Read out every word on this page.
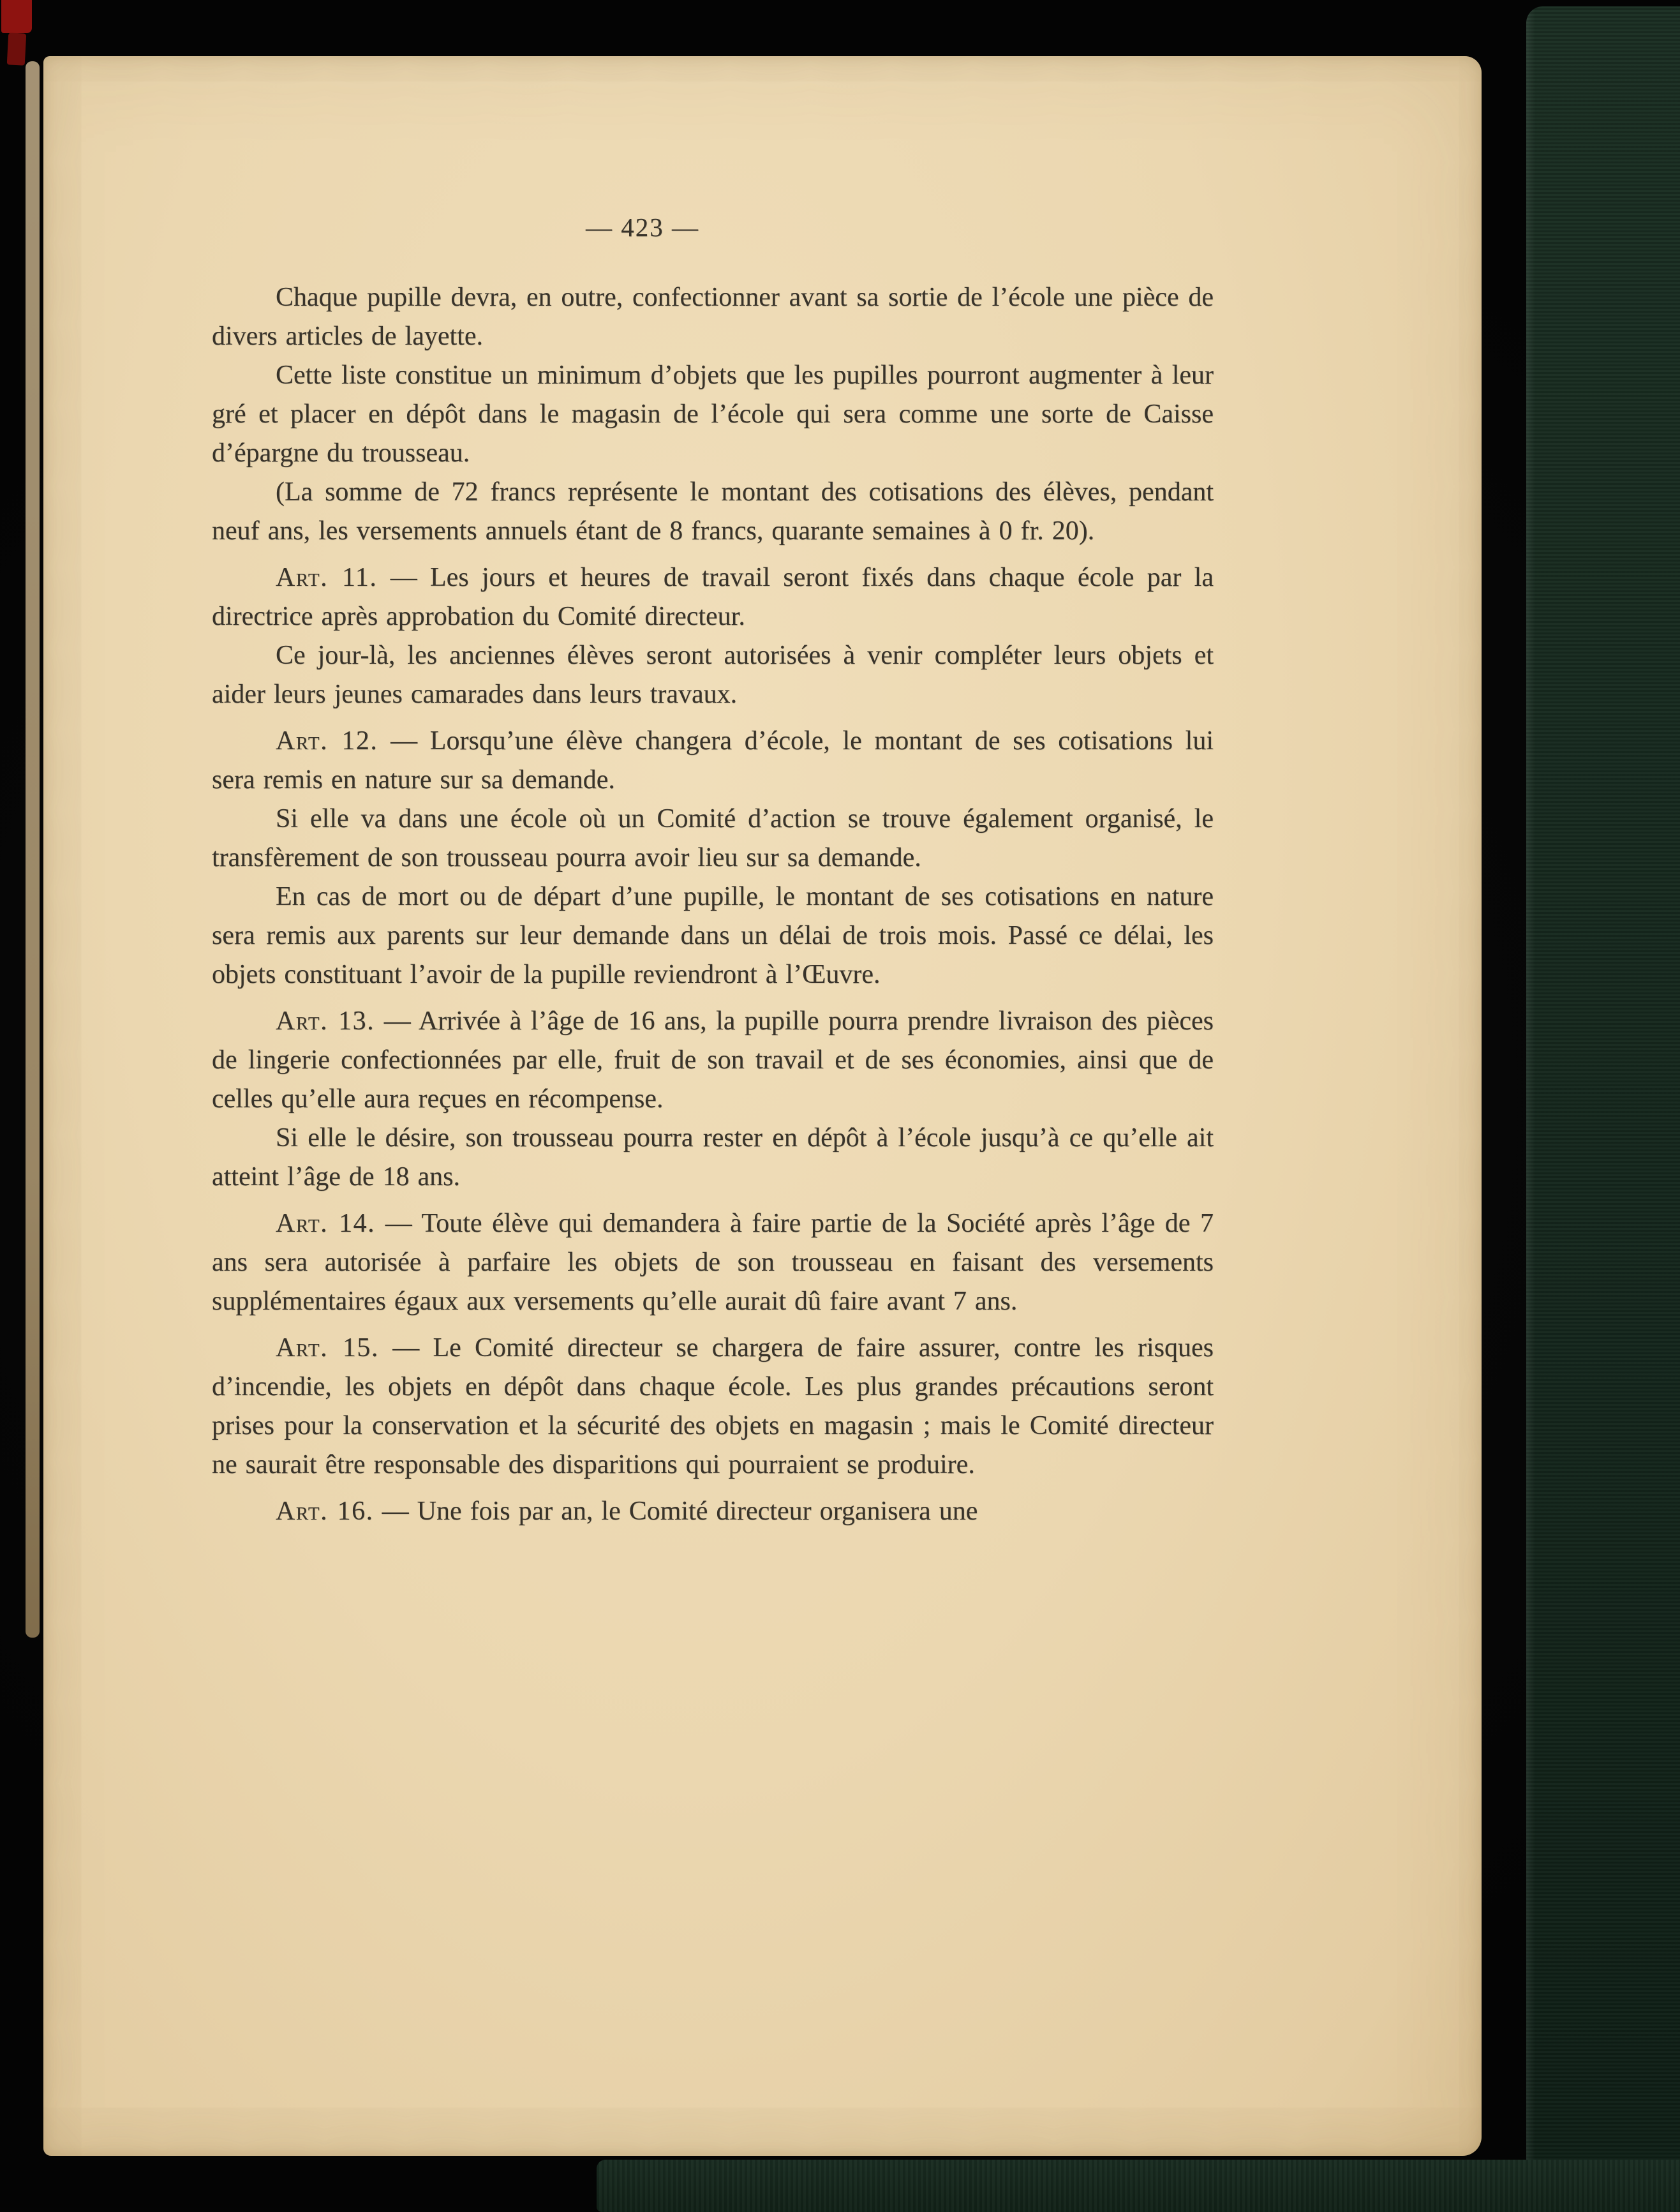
— 423 —

Chaque pupille devra, en outre, confectionner avant sa sortie de l’école une pièce de divers articles de layette.

Cette liste constitue un minimum d’objets que les pupilles pourront augmenter à leur gré et placer en dépôt dans le magasin de l’école qui sera comme une sorte de Caisse d’épargne du trousseau.

(La somme de 72 francs représente le montant des cotisations des élèves, pendant neuf ans, les versements annuels étant de 8 francs, quarante semaines à 0 fr. 20).

Art. 11. — Les jours et heures de travail seront fixés dans chaque école par la directrice après approbation du Comité directeur.

Ce jour-là, les anciennes élèves seront autorisées à venir compléter leurs objets et aider leurs jeunes camarades dans leurs travaux.

Art. 12. — Lorsqu’une élève changera d’école, le montant de ses cotisations lui sera remis en nature sur sa demande.

Si elle va dans une école où un Comité d’action se trouve également organisé, le transfèrement de son trousseau pourra avoir lieu sur sa demande.

En cas de mort ou de départ d’une pupille, le montant de ses cotisations en nature sera remis aux parents sur leur demande dans un délai de trois mois. Passé ce délai, les objets constituant l’avoir de la pupille reviendront à l’Œuvre.

Art. 13. — Arrivée à l’âge de 16 ans, la pupille pourra prendre livraison des pièces de lingerie confectionnées par elle, fruit de son travail et de ses économies, ainsi que de celles qu’elle aura reçues en récompense.

Si elle le désire, son trousseau pourra rester en dépôt à l’école jusqu’à ce qu’elle ait atteint l’âge de 18 ans.

Art. 14. — Toute élève qui demandera à faire partie de la Société après l’âge de 7 ans sera autorisée à parfaire les objets de son trousseau en faisant des versements supplémentaires égaux aux versements qu’elle aurait dû faire avant 7 ans.

Art. 15. — Le Comité directeur se chargera de faire assurer, contre les risques d’incendie, les objets en dépôt dans chaque école. Les plus grandes précautions seront prises pour la conservation et la sécurité des objets en magasin ; mais le Comité directeur ne saurait être responsable des disparitions qui pourraient se produire.

Art. 16. — Une fois par an, le Comité directeur organisera une
